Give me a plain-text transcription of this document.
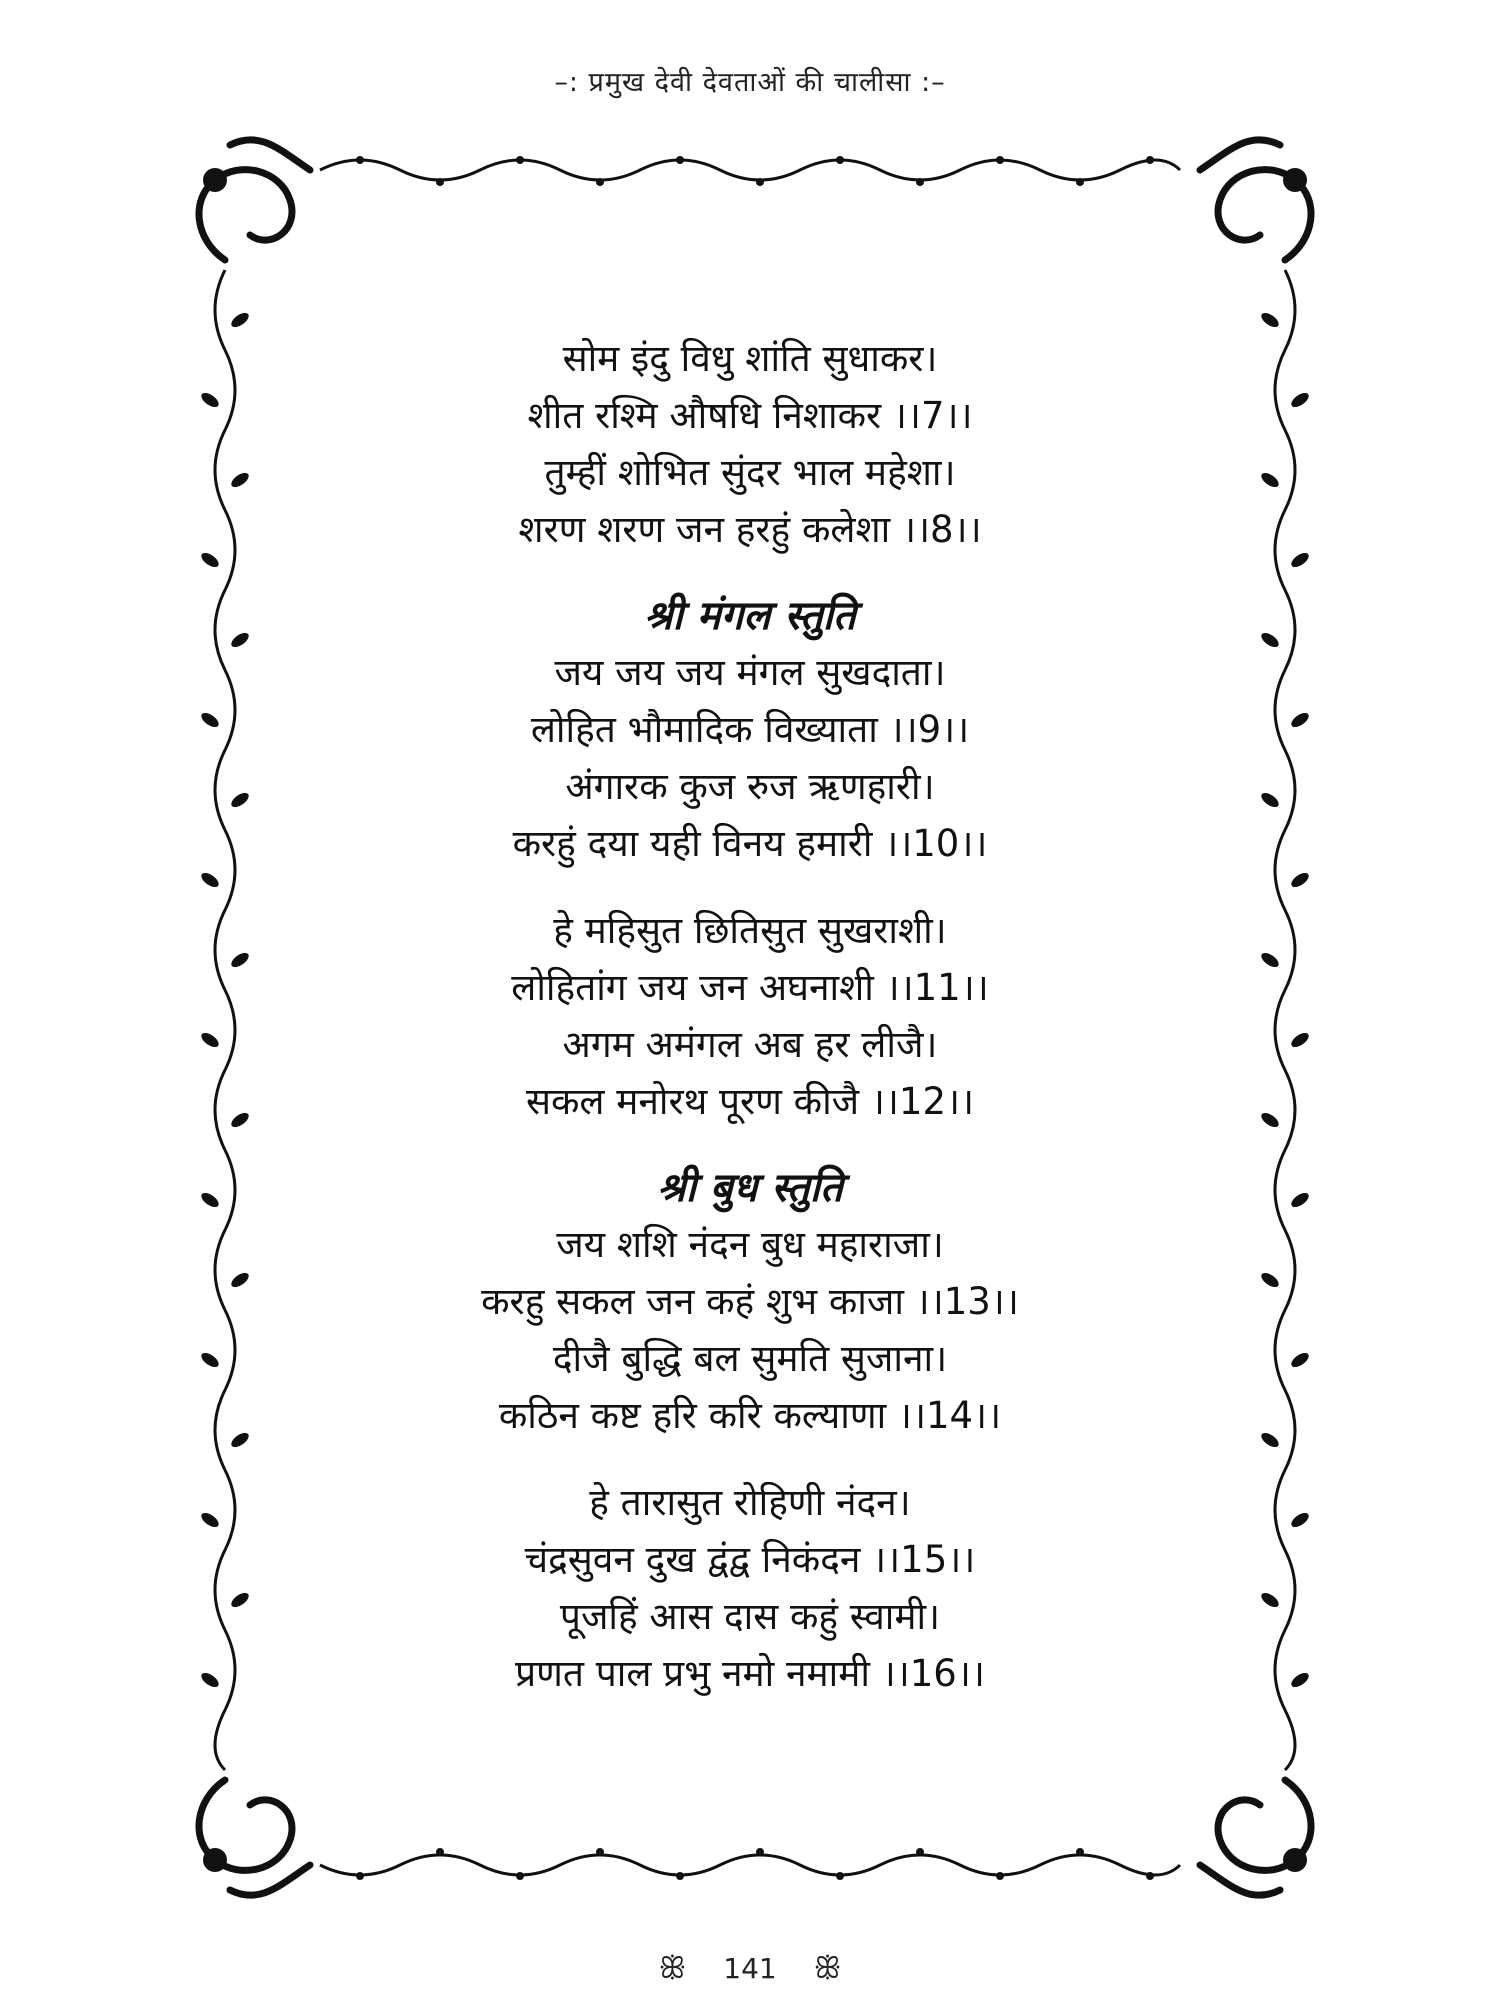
–: प्रमुख देवी देवताओं की चालीसा :–
सोम इंदु विधु शांति सुधाकर।
शीत रश्मि औषधि निशाकर ।।7।।
तुम्हीं शोभित सुंदर भाल महेशा।
शरण शरण जन हरहुं कलेशा ।।8।।
श्री मंगल स्तुति
जय जय जय मंगल सुखदाता।
लोहित भौमादिक विख्याता ।।9।।
अंगारक कुज रुज ऋणहारी।
करहुं दया यही विनय हमारी ।।10।।
हे महिसुत छितिसुत सुखराशी।
लोहितांग जय जन अघनाशी ।।11।।
अगम अमंगल अब हर लीजै।
सकल मनोरथ पूरण कीजै ।।12।।
श्री बुध स्तुति
जय शशि नंदन बुध महाराजा।
करहु सकल जन कहं शुभ काजा ।।13।।
दीजै बुद्धि बल सुमति सुजाना।
कठिन कष्ट हरि करि कल्याणा ।।14।।
हे तारासुत रोहिणी नंदन।
चंद्रसुवन दुख द्वंद्व निकंदन ।।15।।
पूजहिं आस दास कहुं स्वामी।
प्रणत पाल प्रभु नमो नमामी ।।16।।
ꕥ 141 ꕥ
